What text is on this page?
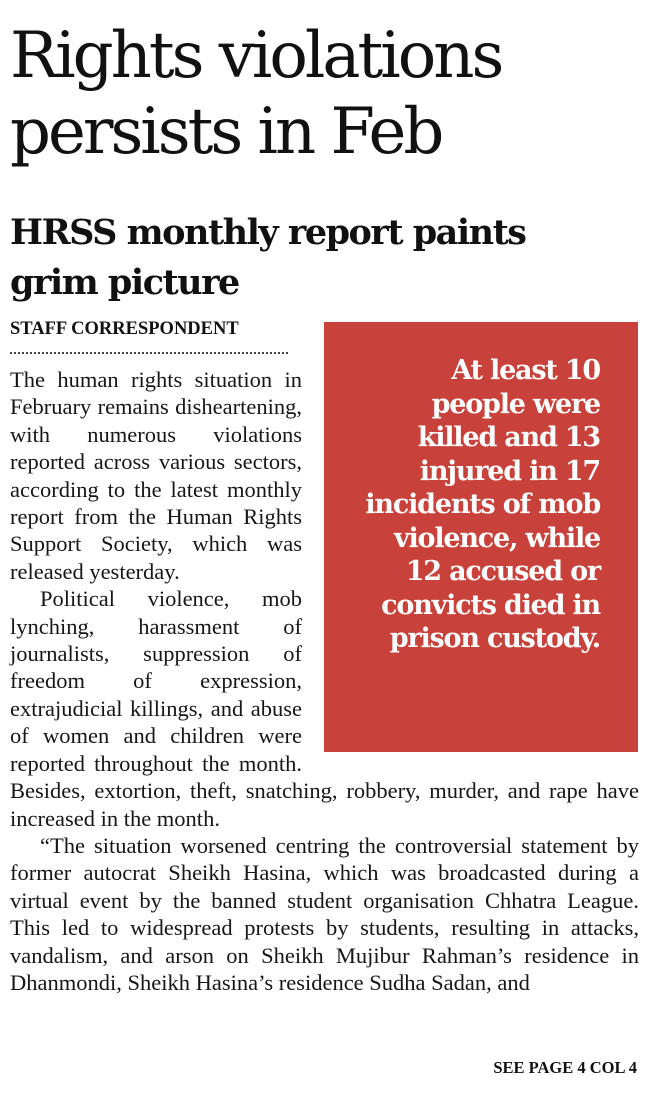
Rights violations persists in Feb
HRSS monthly report paints grim picture
STAFF CORRESPONDENT

At least 10 people were killed and 13 injured in 17 incidents of mob violence, while 12 accused or convicts died in prison custody.

The human rights situation in February remains disheartening, with numerous violations reported across various sectors, according to the latest monthly report from the Human Rights Support Society, which was released yesterday.

Political violence, mob lynching, harassment of journalists, suppression of freedom of expression, extrajudicial killings, and abuse of women and children were reported throughout the month. Besides, extortion, theft, snatching, robbery, murder, and rape have increased in the month.

“The situation worsened centring the controversial statement by former autocrat Sheikh Hasina, which was broadcasted during a virtual event by the banned student organisation Chhatra League. This led to widespread protests by students, resulting in attacks, vandalism, and arson on Sheikh Mujibur Rahman’s residence in Dhanmondi, Sheikh Hasina’s residence Sudha Sadan, and

SEE PAGE 4 COL 4
